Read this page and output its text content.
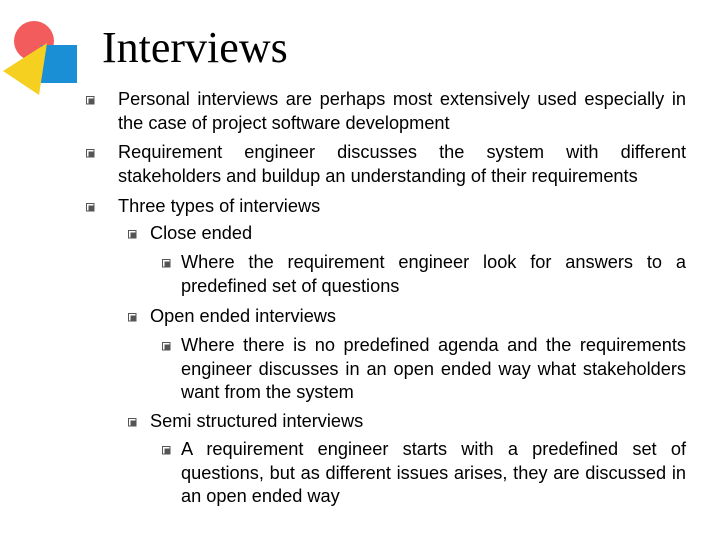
Interviews
Personal interviews are perhaps most extensively used especially in the case of project software development
Requirement engineer discusses the system with different stakeholders and buildup an understanding of their requirements
Three types of interviews
Close ended
Where the requirement engineer look for answers to a predefined set of questions
Open ended interviews
Where there is no predefined agenda and the requirements engineer discusses in an open ended way what stakeholders want from the system
Semi structured interviews
A requirement engineer starts with a predefined set of questions, but as different issues arises, they are discussed in an open ended way
